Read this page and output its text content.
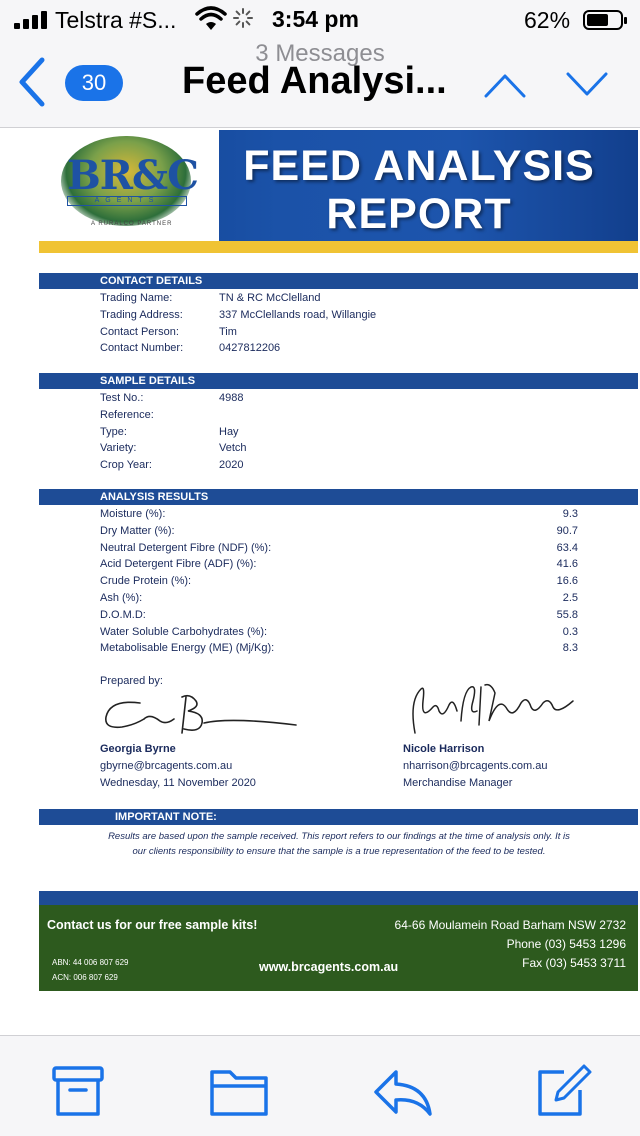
Telstra #S...	3:54 pm	62%
3 Messages
30	Feed Analysi...
BR&C
AGENTS
A RURALCO PARTNER
FEED ANALYSIS
REPORT
CONTACT DETAILS
Trading Name:	TN & RC McClelland
Trading Address:	337 McClellands road, Willangie
Contact Person:	Tim
Contact Number:	0427812206
SAMPLE DETAILS
Test No.:	4988
Reference:
Type:	Hay
Variety:	Vetch
Crop Year:	2020
ANALYSIS RESULTS
Moisture (%):	9.3
Dry Matter (%):	90.7
Neutral Detergent Fibre (NDF) (%):	63.4
Acid Detergent Fibre (ADF) (%):	41.6
Crude Protein (%):	16.6
Ash (%):	2.5
D.O.M.D:	55.8
Water Soluble Carbohydrates (%):	0.3
Metabolisable Energy (ME) (Mj/Kg):	8.3
Prepared by:
Georgia Byrne
gbyrne@brcagents.com.au
Wednesday, 11 November 2020
Nicole Harrison
nharrison@brcagents.com.au
Merchandise Manager
IMPORTANT NOTE:
Results are based upon the sample received. This report refers to our findings at the time of analysis only. It is our clients responsibility to ensure that the sample is a true representation of the feed to be tested.
Contact us for our free sample kits!
ABN: 44 006 807 629
ACN: 006 807 629
www.brcagents.com.au
64-66 Moulamein Road Barham NSW 2732
Phone (03) 5453 1296
Fax (03) 5453 3711
